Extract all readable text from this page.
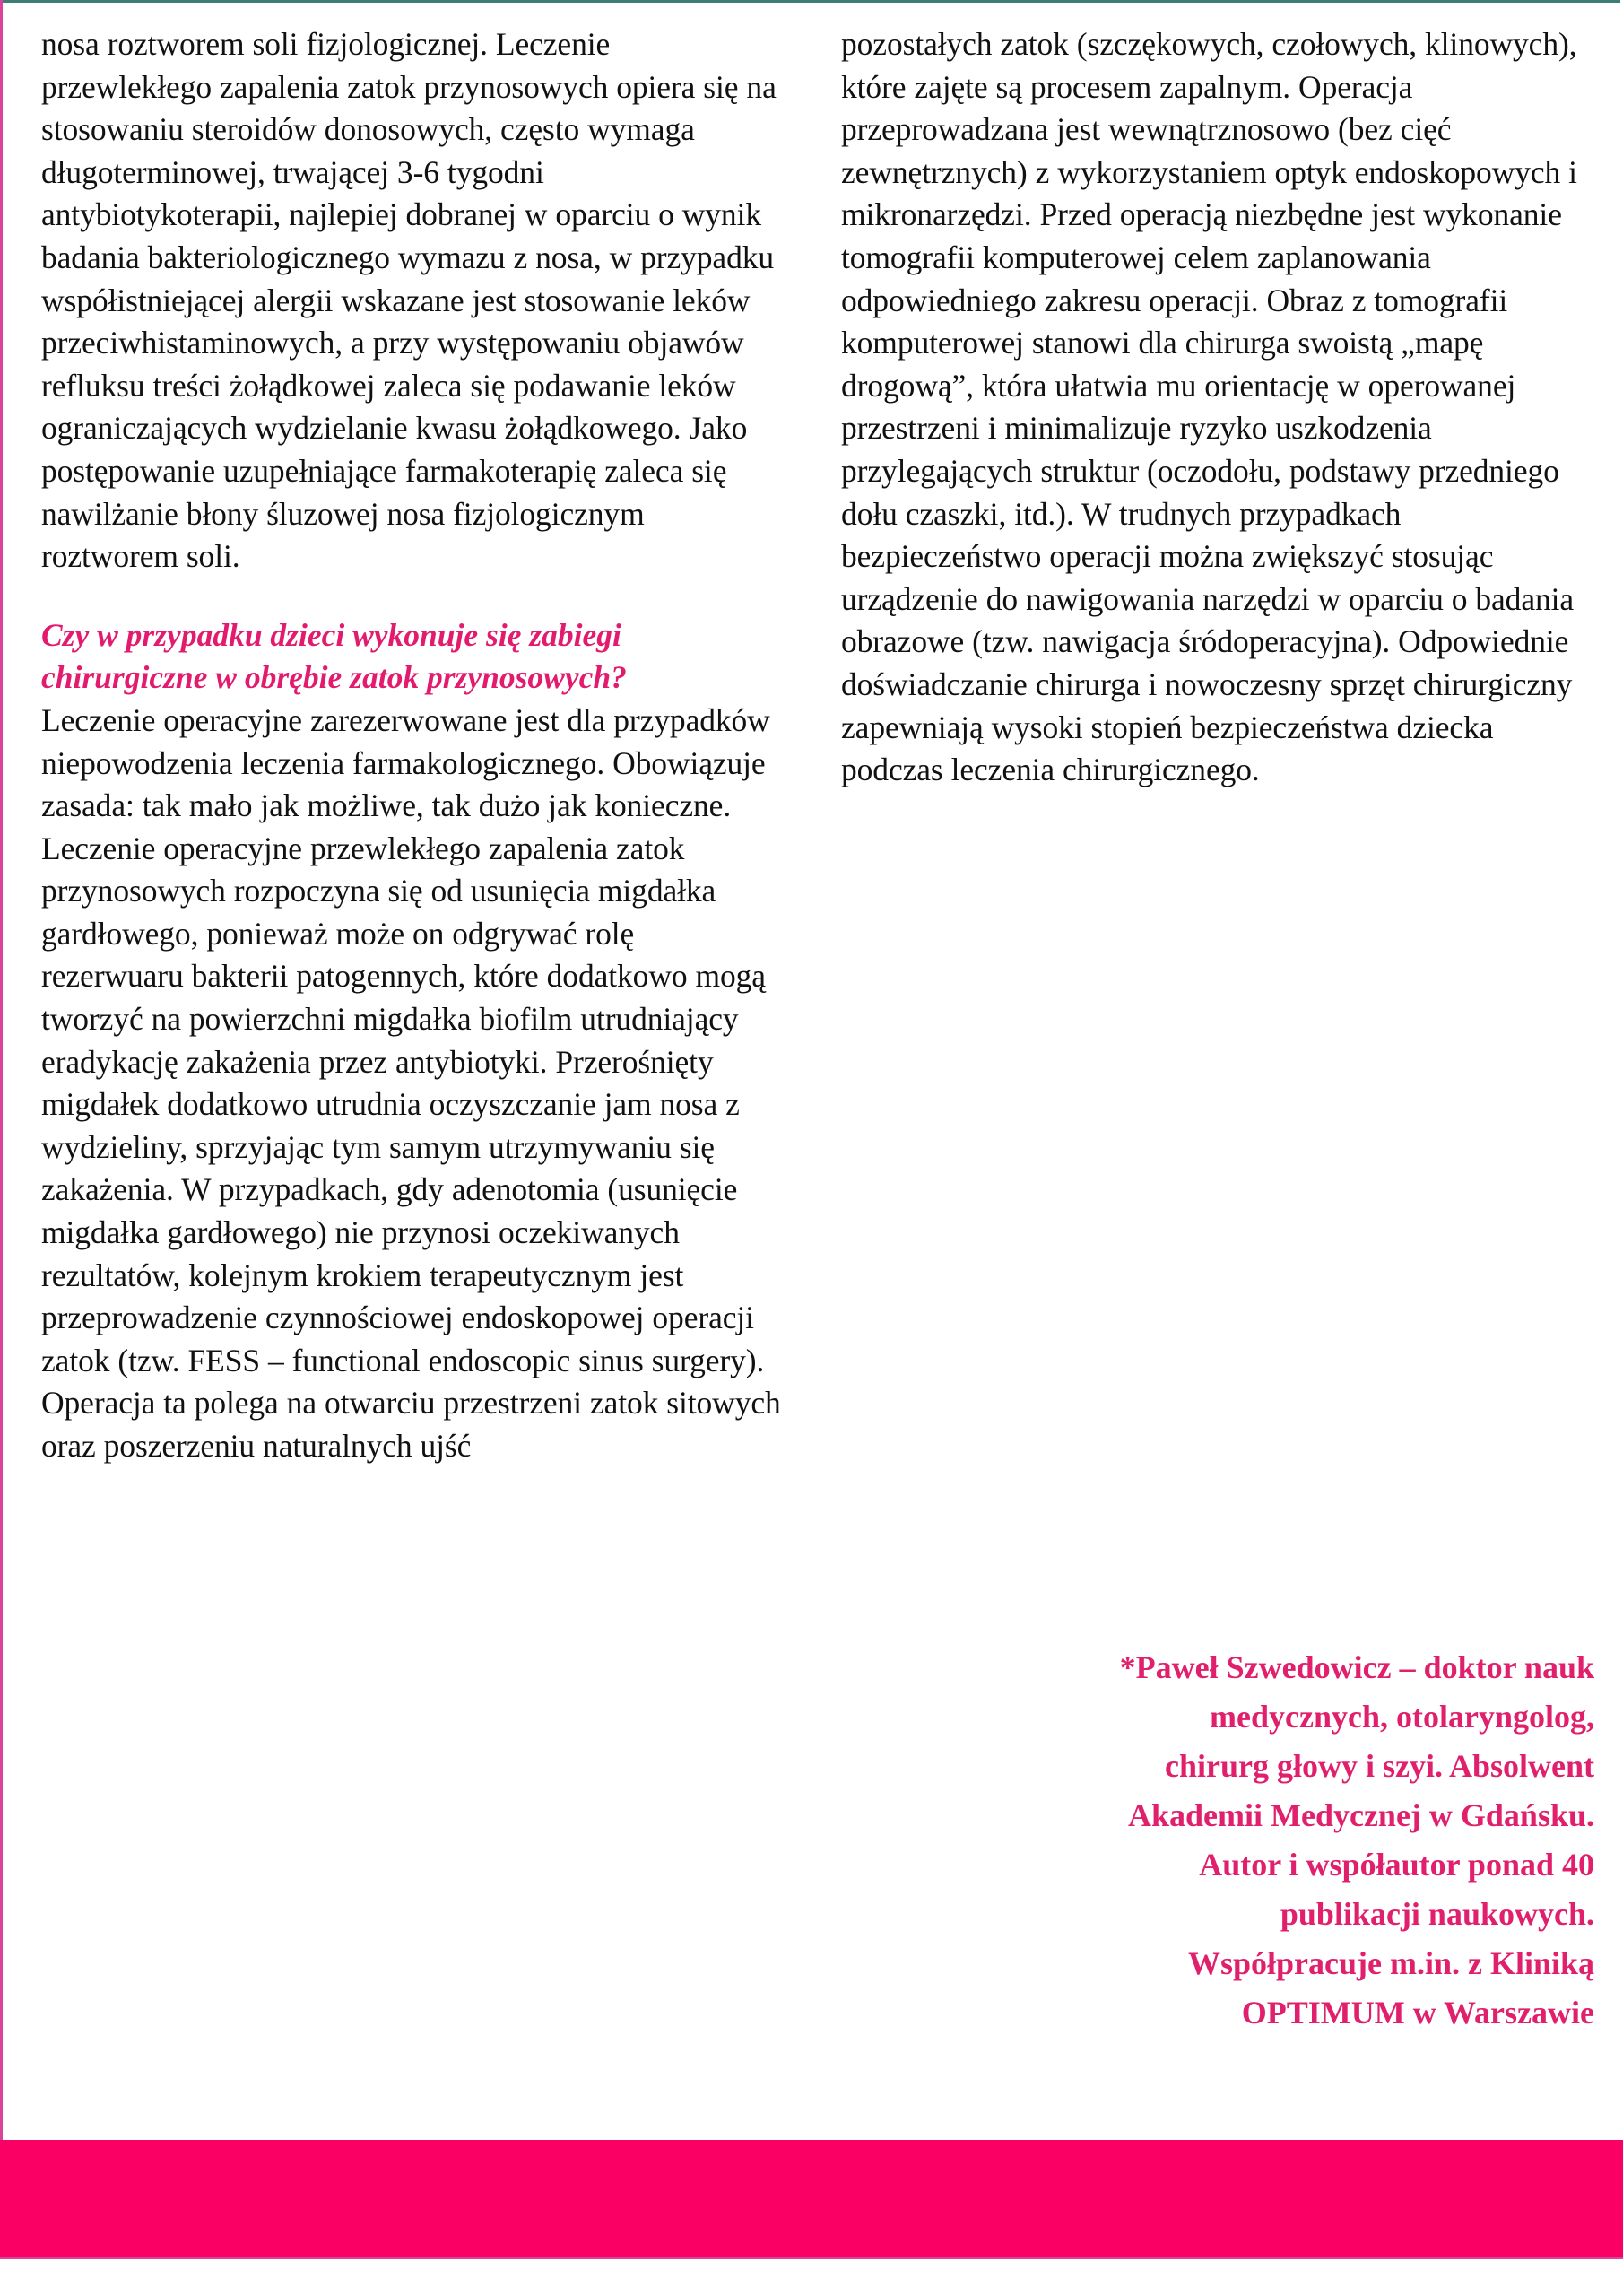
nosa roztworem soli fizjologicznej. Leczenie przewlekłego zapalenia zatok przynosowych opiera się na stosowaniu steroidów donosowych, często wymaga długoterminowej, trwającej 3-6 tygodni antybiotykoterapii, najlepiej dobranej w oparciu o wynik badania bakteriologicznego wymazu z nosa, w przypadku współistniejącej alergii wskazane jest stosowanie leków przeciwhistaminowych, a przy występowaniu objawów refluksu treści żołądkowej zaleca się podawanie leków ograniczających wydzielanie kwasu żołądkowego. Jako postępowanie uzupełniające farmakoterapię zaleca się nawilżanie błony śluzowej nosa fizjologicznym roztworem soli.

Czy w przypadku dzieci wykonuje się zabiegi chirurgiczne w obrębie zatok przynosowych?

Leczenie operacyjne zarezerwowane jest dla przypadków niepowodzenia leczenia farmakologicznego. Obowiązuje zasada: tak mało jak możliwe, tak dużo jak konieczne. Leczenie operacyjne przewlekłego zapalenia zatok przynosowych rozpoczyna się od usunięcia migdałka gardłowego, ponieważ może on odgrywać rolę rezerwuaru bakterii patogennych, które dodatkowo mogą tworzyć na powierzchni migdałka biofilm utrudniający eradykację zakażenia przez antybiotyki. Przerośnięty migdałek dodatkowo utrudnia oczyszczanie jam nosa z wydzieliny, sprzyjając tym samym utrzymywaniu się zakażenia. W przypadkach, gdy adenotomia (usunięcie migdałka gardłowego) nie przynosi oczekiwanych rezultatów, kolejnym krokiem terapeutycznym jest przeprowadzenie czynnościowej endoskopowej operacji zatok (tzw. FESS – functional endoscopic sinus surgery). Operacja ta polega na otwarciu przestrzeni zatok sitowych oraz poszerzeniu naturalnych ujść

pozostałych zatok (szczękowych, czołowych, klinowych), które zajęte są procesem zapalnym. Operacja przeprowadzana jest wewnątrznosowo (bez cięć zewnętrznych) z wykorzystaniem optyk endoskopowych i mikronarzędzi. Przed operacją niezbędne jest wykonanie tomografii komputerowej celem zaplanowania odpowiedniego zakresu operacji. Obraz z tomografii komputerowej stanowi dla chirurga swoistą „mapę drogową”, która ułatwia mu orientację w operowanej przestrzeni i minimalizuje ryzyko uszkodzenia przylegających struktur (oczodołu, podstawy przedniego dołu czaszki, itd.). W trudnych przypadkach bezpieczeństwo operacji można zwiększyć stosując urządzenie do nawigowania narzędzi w oparciu o badania obrazowe (tzw. nawigacja śródoperacyjna). Odpowiednie doświadczanie chirurga i nowoczesny sprzęt chirurgiczny zapewniają wysoki stopień bezpieczeństwa dziecka podczas leczenia chirurgicznego.

*Paweł Szwedowicz – doktor nauk
medycznych, otolaryngolog,
chirurg głowy i szyi. Absolwent
Akademii Medycznej w Gdańsku.
Autor i współautor ponad 40
publikacji naukowych.
Współpracuje m.in. z Kliniką
OPTIMUM w Warszawie
